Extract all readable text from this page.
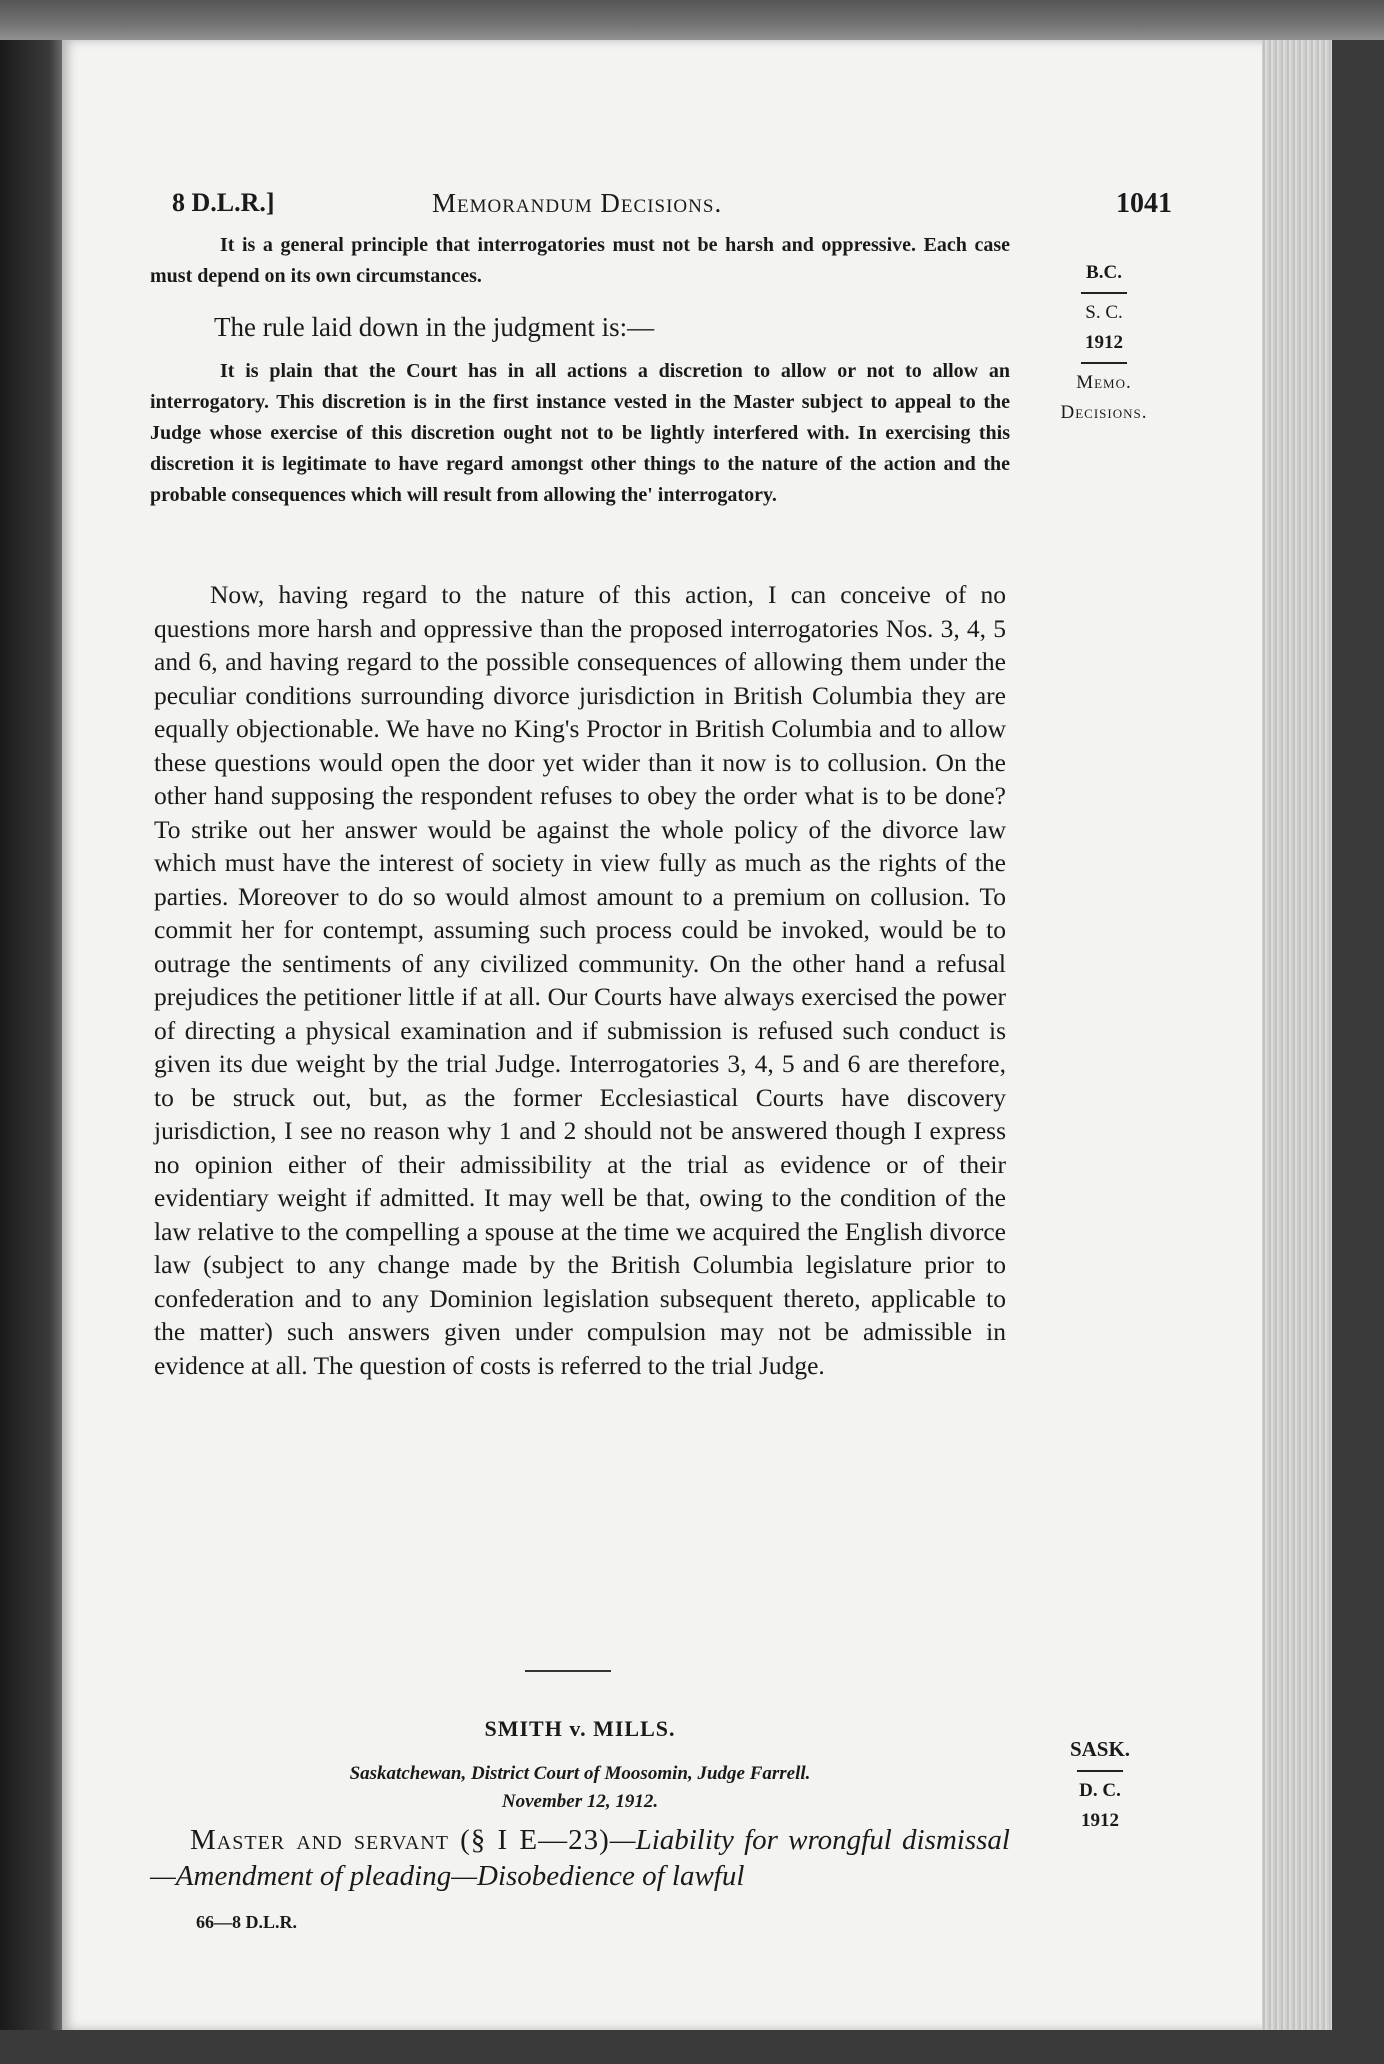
8 D.L.R.]	Memorandum Decisions.	1041
B.C.
S. C.
1912
Memo.
Decisions.

It is a general principle that interrogatories must not be harsh and oppressive. Each case must depend on its own circumstances.

The rule laid down in the judgment is:—

It is plain that the Court has in all actions a discretion to allow or not to allow an interrogatory. This discretion is in the first instance vested in the Master subject to appeal to the Judge whose exercise of this discretion ought not to be lightly interfered with. In exercising this discretion it is legitimate to have regard amongst other things to the nature of the action and the probable consequences which will result from allowing the' interrogatory.

Now, having regard to the nature of this action, I can conceive of no questions more harsh and oppressive than the proposed interrogatories Nos. 3, 4, 5 and 6, and having regard to the possible consequences of allowing them under the peculiar conditions surrounding divorce jurisdiction in British Columbia they are equally objectionable. We have no King's Proctor in British Columbia and to allow these questions would open the door yet wider than it now is to collusion. On the other hand supposing the respondent refuses to obey the order what is to be done? To strike out her answer would be against the whole policy of the divorce law which must have the interest of society in view fully as much as the rights of the parties. Moreover to do so would almost amount to a premium on collusion. To commit her for contempt, assuming such process could be invoked, would be to outrage the sentiments of any civilized community. On the other hand a refusal prejudices the petitioner little if at all. Our Courts have always exercised the power of directing a physical examination and if submission is refused such conduct is given its due weight by the trial Judge. Interrogatories 3, 4, 5 and 6 are therefore, to be struck out, but, as the former Ecclesiastical Courts have discovery jurisdiction, I see no reason why 1 and 2 should not be answered though I express no opinion either of their admissibility at the trial as evidence or of their evidentiary weight if admitted. It may well be that, owing to the condition of the law relative to the compelling a spouse at the time we acquired the English divorce law (subject to any change made by the British Columbia legislature prior to confederation and to any Dominion legislation subsequent thereto, applicable to the matter) such answers given under compulsion may not be admissible in evidence at all. The question of costs is referred to the trial Judge.

SMITH v. MILLS.
Saskatchewan, District Court of Moosomin, Judge Farrell.
November 12, 1912.
SASK.
D. C.
1912
Master and servant (§ I E—23)—Liability for wrongful dismissal—Amendment of pleading—Disobedience of lawful
66—8 D.L.R.
